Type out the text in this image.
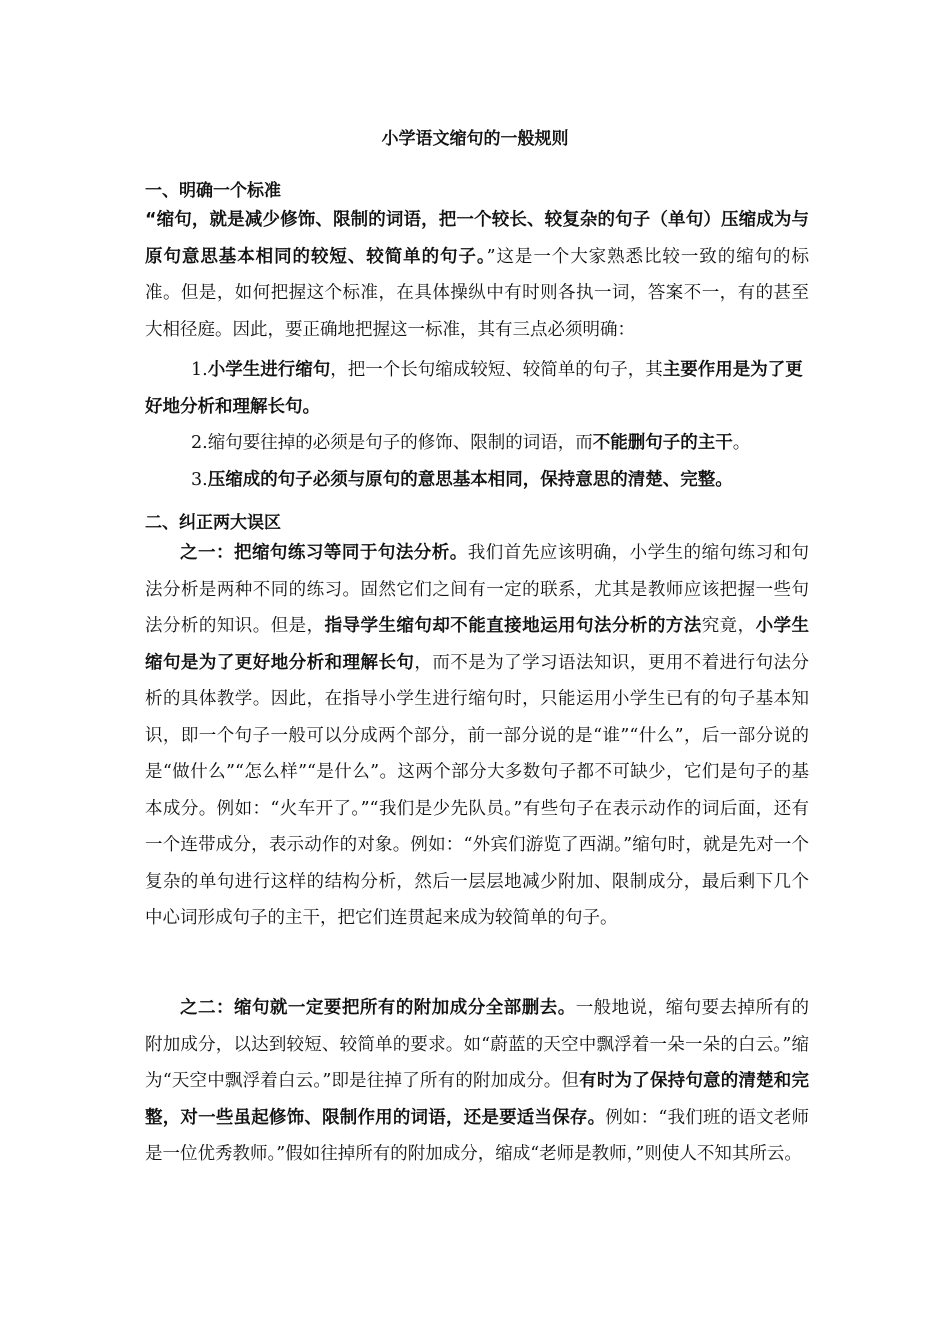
小学语文缩句的一般规则
一、明确一个标准
“缩句，就是减少修饰、限制的词语，把一个较长、较复杂的句子（单句）压缩成为与原句意思基本相同的较短、较简单的句子。”这是一个大家熟悉比较一致的缩句的标准。但是，如何把握这个标准，在具体操纵中有时则各执一词，答案不一，有的甚至大相径庭。因此，要正确地把握这一标准，其有三点必须明确：
1.小学生进行缩句，把一个长句缩成较短、较简单的句子，其主要作用是为了更好地分析和理解长句。
2.缩句要往掉的必须是句子的修饰、限制的词语，而不能删句子的主干。
3.压缩成的句子必须与原句的意思基本相同，保持意思的清楚、完整。
二、纠正两大误区
之一：把缩句练习等同于句法分析。我们首先应该明确，小学生的缩句练习和句法分析是两种不同的练习。固然它们之间有一定的联系，尤其是教师应该把握一些句法分析的知识。但是，指导学生缩句却不能直接地运用句法分析的方法究竟，小学生缩句是为了更好地分析和理解长句，而不是为了学习语法知识，更用不着进行句法分析的具体教学。因此，在指导小学生进行缩句时，只能运用小学生已有的句子基本知识，即一个句子一般可以分成两个部分，前一部分说的是“谁”“什么”，后一部分说的是“做什么”“怎么样”“是什么”。这两个部分大多数句子都不可缺少，它们是句子的基本成分。例如：“火车开了。”“我们是少先队员。”有些句子在表示动作的词后面，还有一个连带成分，表示动作的对象。例如：“外宾们游览了西湖。”缩句时，就是先对一个复杂的单句进行这样的结构分析，然后一层层地减少附加、限制成分，最后剩下几个中心词形成句子的主干，把它们连贯起来成为较简单的句子。
之二：缩句就一定要把所有的附加成分全部删去。一般地说，缩句要去掉所有的附加成分，以达到较短、较简单的要求。如“蔚蓝的天空中飘浮着一朵一朵的白云。”缩为“天空中飘浮着白云。”即是往掉了所有的附加成分。但有时为了保持句意的清楚和完整，对一些虽起修饰、限制作用的词语，还是要适当保存。例如：“我们班的语文老师是一位优秀教师。”假如往掉所有的附加成分，缩成“老师是教师，”则使人不知其所云。
